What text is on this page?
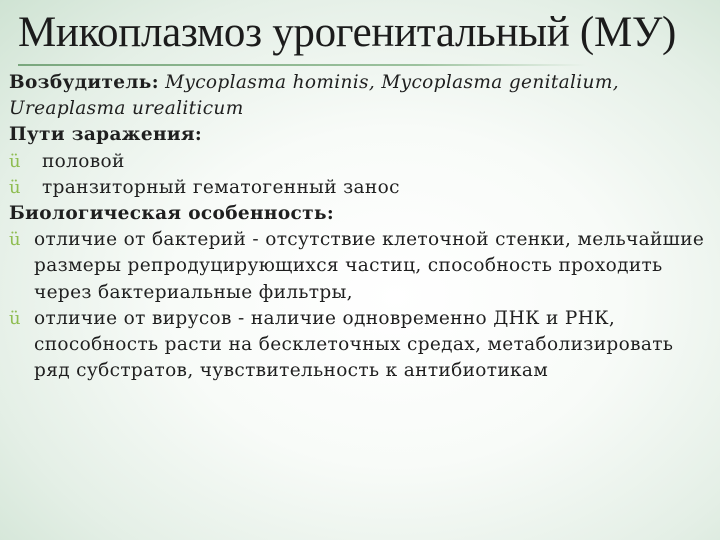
Микоплазмоз урогенитальный (МУ)

Возбудитель: Mycoplasma hominis, Mycoplasma genitalium,

Ureaplasma urealiticum

Пути заражения:

ü	половой
ü	транзиторный гематогенный занос

Биологическая особенность:

ü отличие от бактерий - отсутствие клеточной стенки, мельчайшие размеры репродуцирующихся частиц, способность проходить через бактериальные фильтры,
ü отличие от вирусов - наличие одновременно ДНК и РНК, способность расти на бесклеточных средах, метаболизировать ряд субстратов, чувствительность к антибиотикам
